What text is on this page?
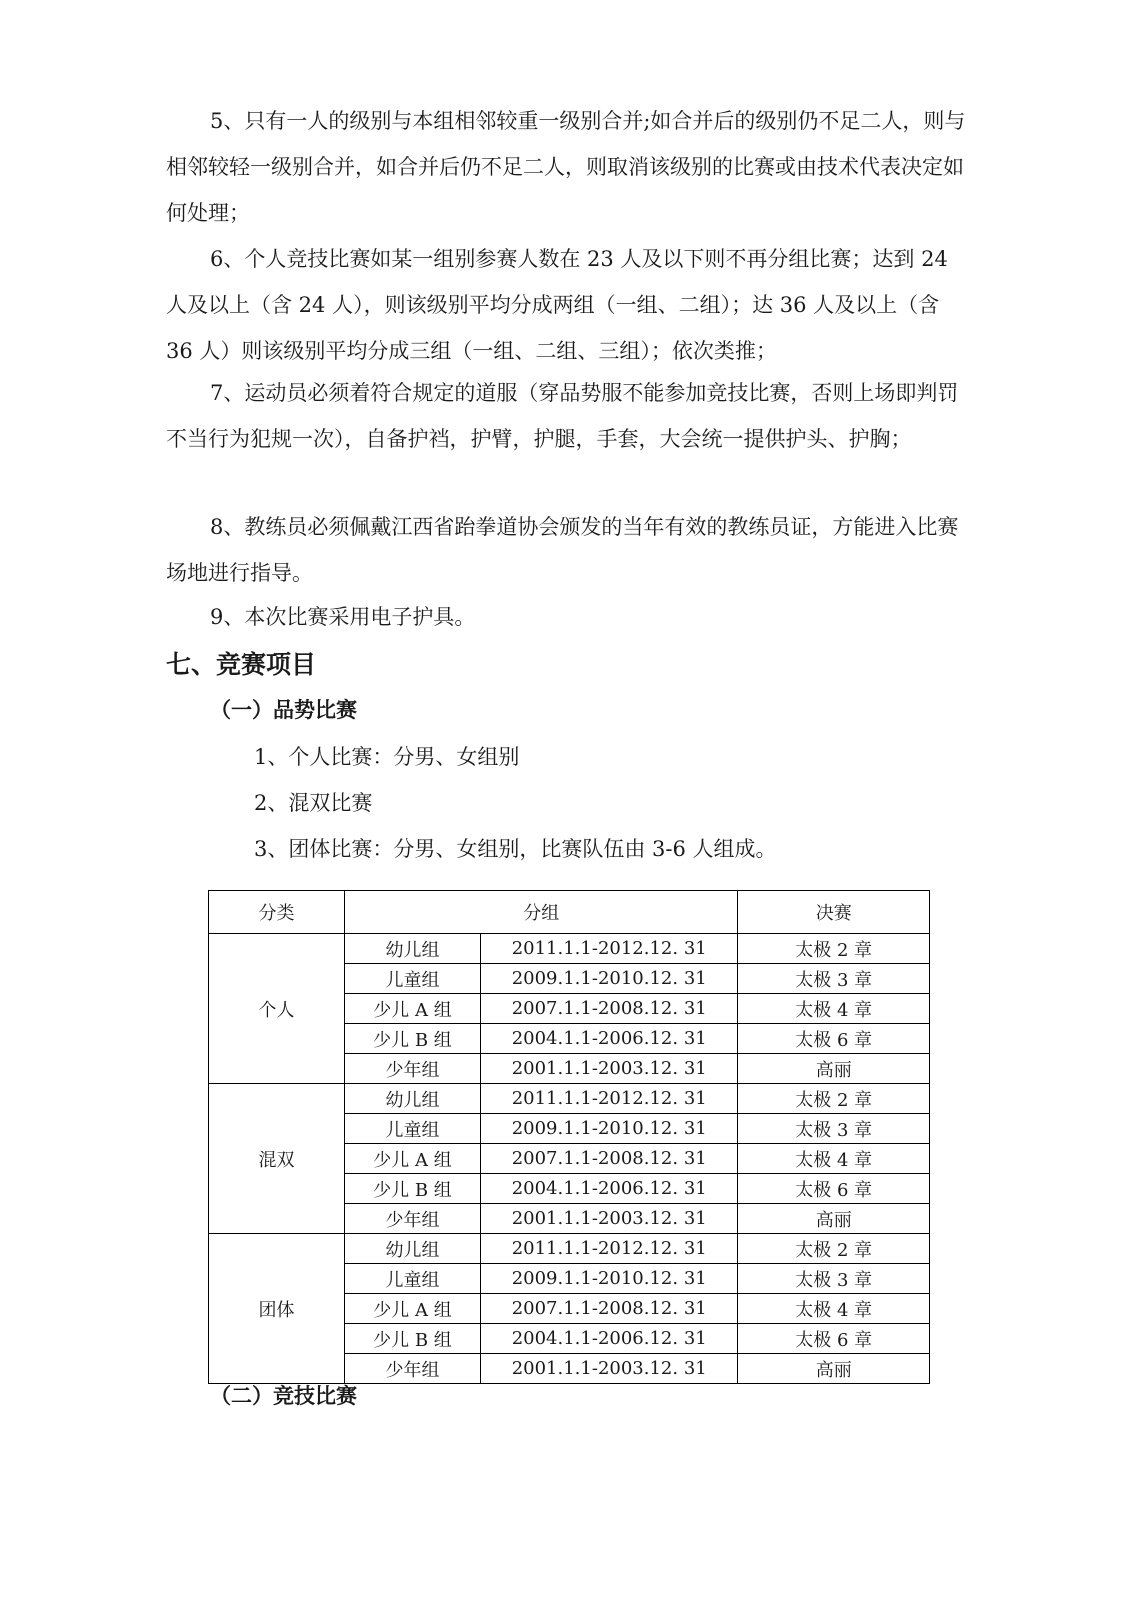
5、只有一人的级别与本组相邻较重一级别合并;如合并后的级别仍不足二人，则与相邻较轻一级别合并，如合并后仍不足二人，则取消该级别的比赛或由技术代表决定如何处理；

6、个人竞技比赛如某一组别参赛人数在 23 人及以下则不再分组比赛；达到 24 人及以上（含 24 人），则该级别平均分成两组（一组、二组）；达 36 人及以上（含 36 人）则该级别平均分成三组（一组、二组、三组）；依次类推；

7、运动员必须着符合规定的道服（穿品势服不能参加竞技比赛，否则上场即判罚不当行为犯规一次），自备护裆，护臂，护腿，手套，大会统一提供护头、护胸；

8、教练员必须佩戴江西省跆拳道协会颁发的当年有效的教练员证，方能进入比赛场地进行指导。

9、本次比赛采用电子护具。

七、竞赛项目
（一）品势比赛
1、个人比赛：分男、女组别
2、混双比赛
3、团体比赛：分男、女组别，比赛队伍由 3-6 人组成。
分类	分组		决赛
个人	幼儿组	2011.1.1-2012.12. 31	太极 2 章
	儿童组	2009.1.1-2010.12. 31	太极 3 章
	少儿 A 组	2007.1.1-2008.12. 31	太极 4 章
	少儿 B 组	2004.1.1-2006.12. 31	太极 6 章
	少年组	2001.1.1-2003.12. 31	高丽
混双	幼儿组	2011.1.1-2012.12. 31	太极 2 章
	儿童组	2009.1.1-2010.12. 31	太极 3 章
	少儿 A 组	2007.1.1-2008.12. 31	太极 4 章
	少儿 B 组	2004.1.1-2006.12. 31	太极 6 章
	少年组	2001.1.1-2003.12. 31	高丽
团体	幼儿组	2011.1.1-2012.12. 31	太极 2 章
	儿童组	2009.1.1-2010.12. 31	太极 3 章
	少儿 A 组	2007.1.1-2008.12. 31	太极 4 章
	少儿 B 组	2004.1.1-2006.12. 31	太极 6 章
	少年组	2001.1.1-2003.12. 31	高丽
（二）竞技比赛
